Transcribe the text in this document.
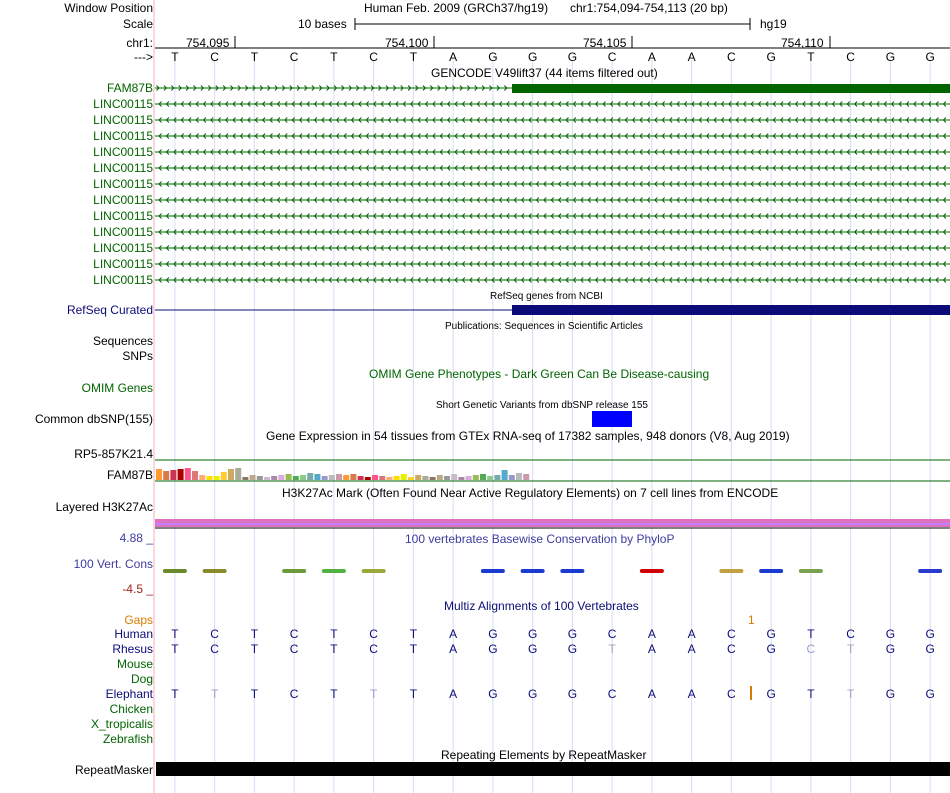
Window Position	Human Feb. 2009 (GRCh37/hg19) chr1:754,094-754,113 (20 bp)
Scale	10 bases	hg19
chr1:	754,095	754,100	754,105	754,110
---> T	C	T	C	T	C	T	A	G	G	G	C	A	A	C	G	T	C	G	G
GENCODE V49lift37 (44 items filtered out)
FAM87B
LINC00115
LINC00115
LINC00115
LINC00115
LINC00115
LINC00115
LINC00115
LINC00115
LINC00115
LINC00115
LINC00115
LINC00115
RefSeq genes from NCBI
RefSeq Curated
Publications: Sequences in Scientific Articles
Sequences
SNPs
OMIM Gene Phenotypes - Dark Green Can Be Disease-causing
OMIM Genes
Short Genetic Variants from dbSNP release 155
Common dbSNP(155)
Gene Expression in 54 tissues from GTEx RNA-seq of 17382 samples, 948 donors (V8, Aug 2019)
RP5-857K21.4
FAM87B
H3K27Ac Mark (Often Found Near Active Regulatory Elements) on 7 cell lines from ENCODE
Layered H3K27Ac
100 vertebrates Basewise Conservation by PhyloP
4.88 _
100 Vert. Cons
-4.5 _
Multiz Alignments of 100 Vertebrates
Gaps	1
Human T	C	T	C	T	C	T	A	G	G	G	C	A	A	C	G	T	C	G	G
Rhesus T	C	T	C	T	C	T	A	G	G	G	T	A	A	C	G	C	T	G	G
Mouse
Dog
Elephant T	T	T	C	T	T	T	A	G	G	G	C	A	A	C	G	T	T	G	G
Chicken
X_tropicalis
Zebrafish
Repeating Elements by RepeatMasker
RepeatMasker
